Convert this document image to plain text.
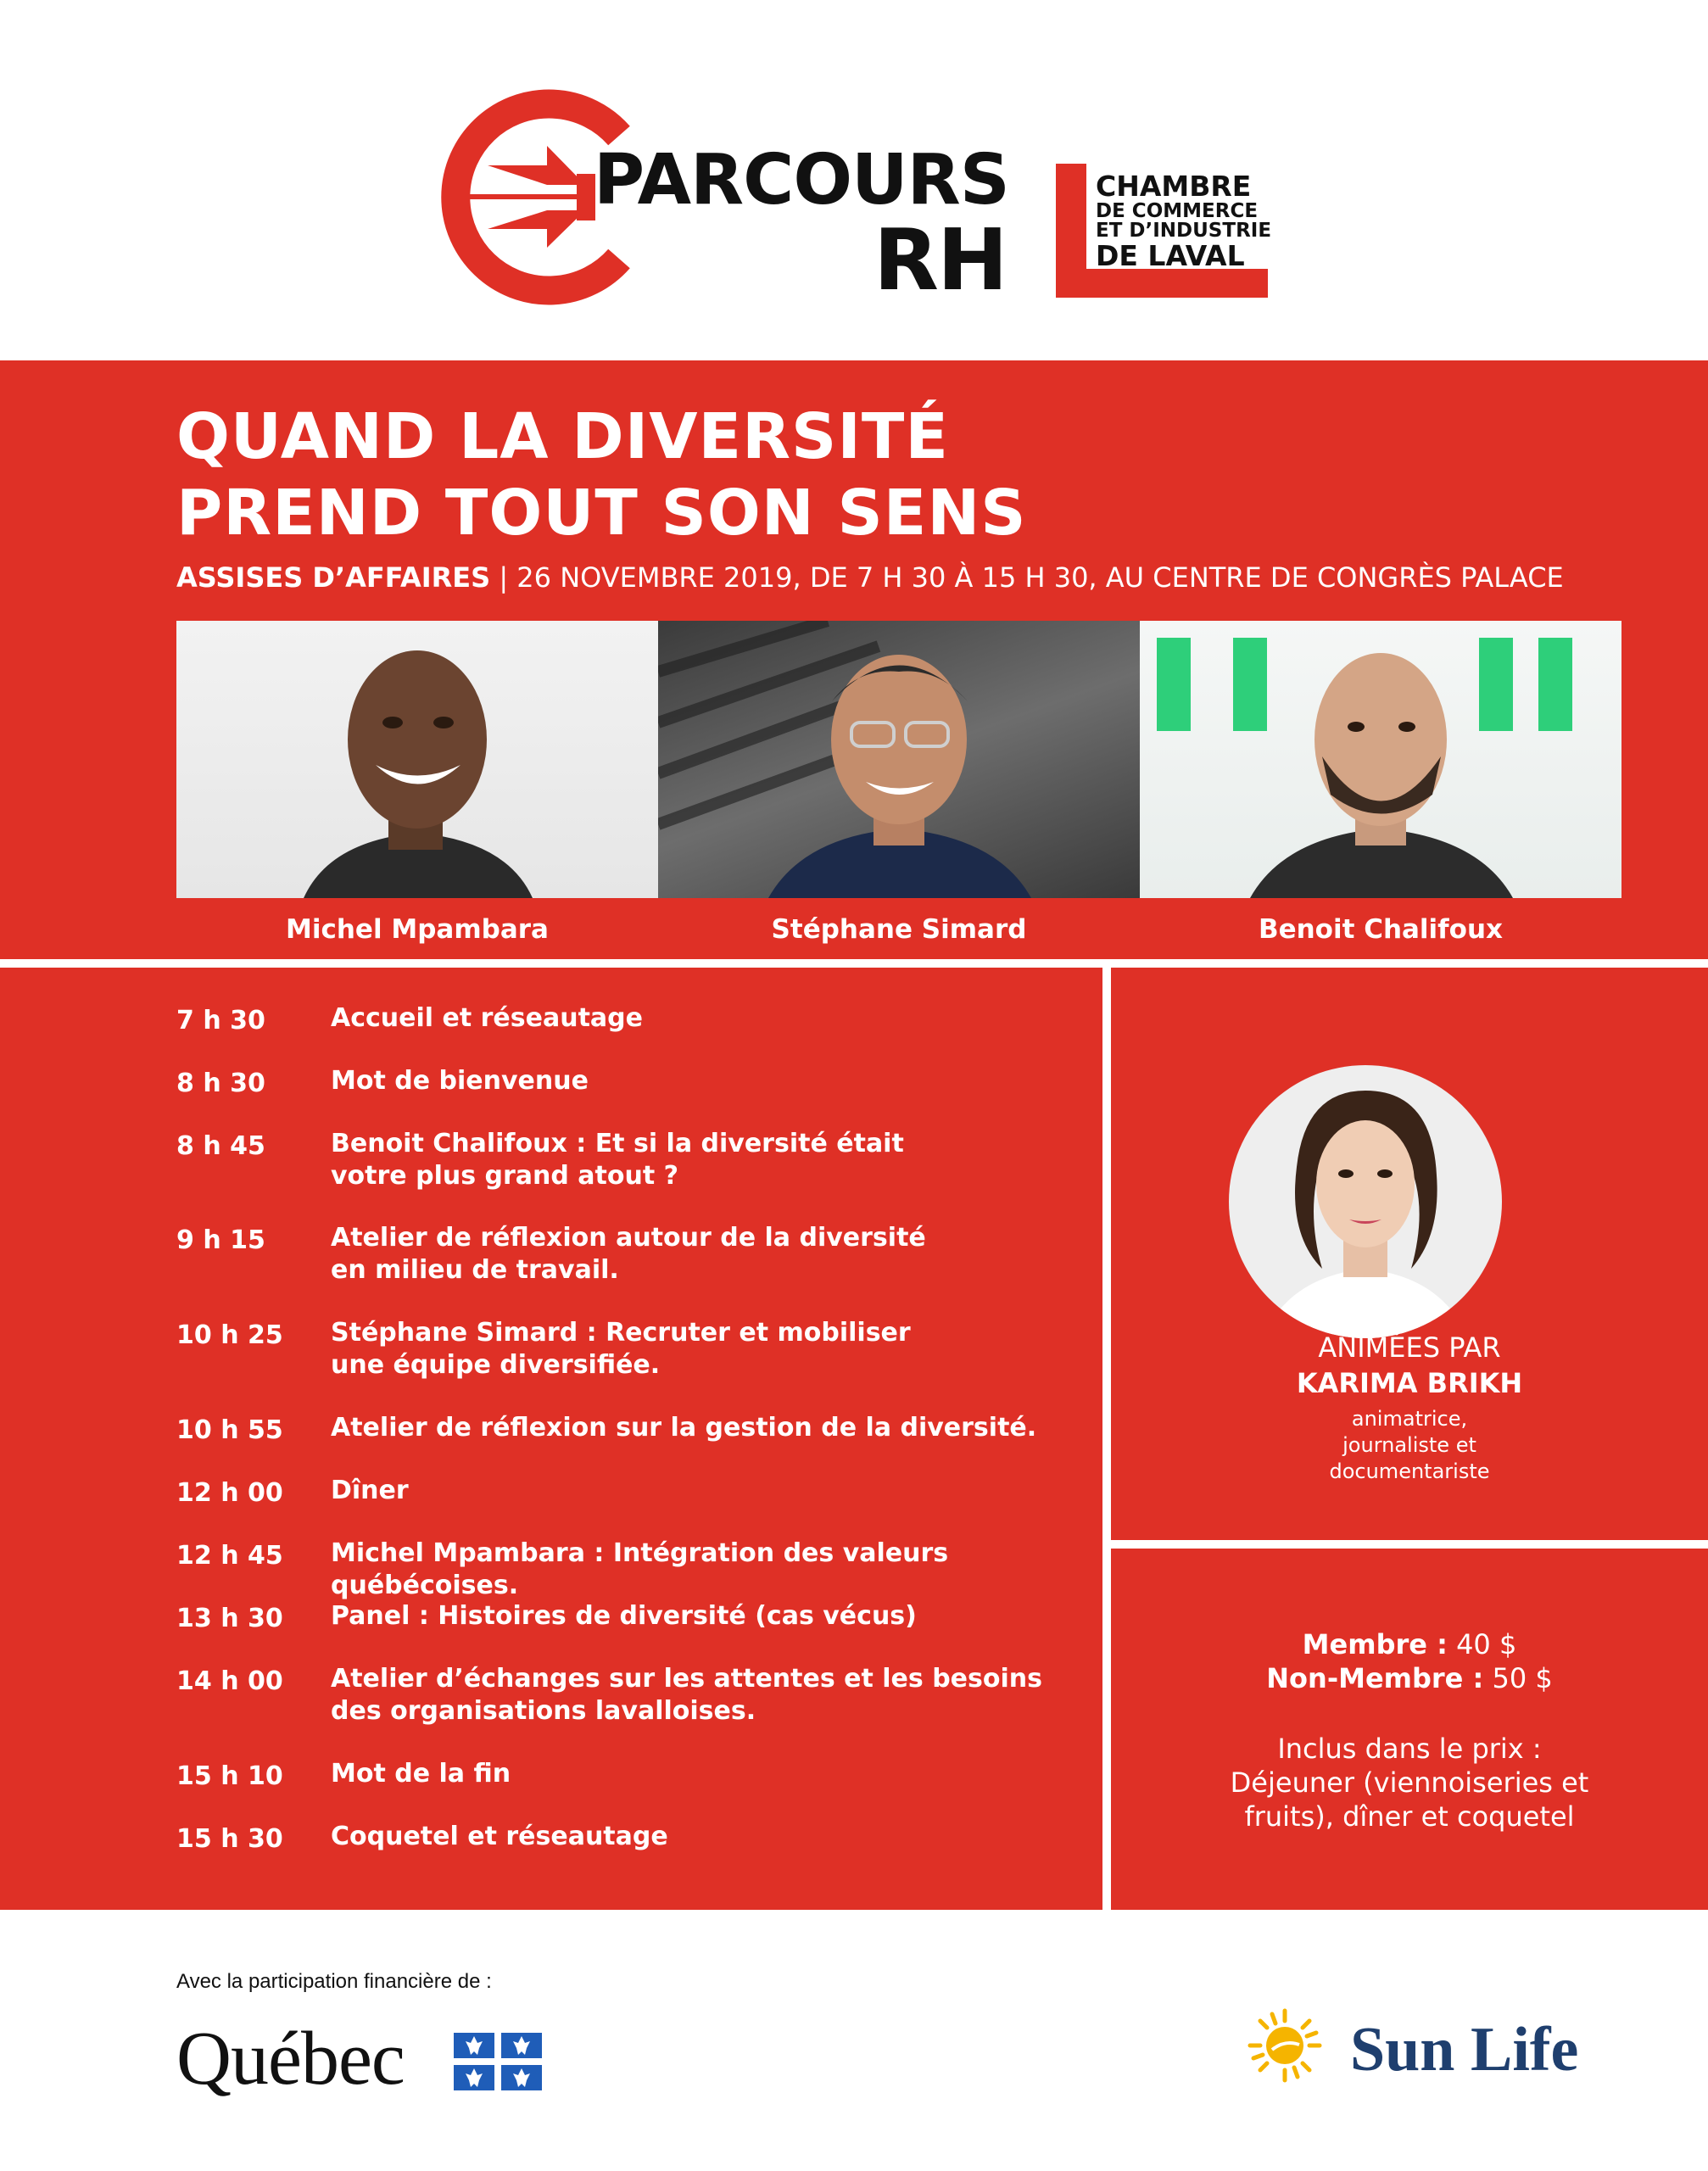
PARCOURS
RH
CHAMBRE
DE COMMERCE
ET D’INDUSTRIE
DE LAVAL
QUAND LA DIVERSITÉ
PREND TOUT SON SENS
ASSISES D’AFFAIRES | 26 NOVEMBRE 2019, DE 7 H 30 À 15 H 30, AU CENTRE DE CONGRÈS PALACE
Michel Mpambara	Stéphane Simard	Benoit Chalifoux
7 h 30	Accueil et réseautage
8 h 30	Mot de bienvenue
8 h 45	Benoit Chalifoux : Et si la diversité était
votre plus grand atout ?
9 h 15	Atelier de réflexion autour de la diversité
en milieu de travail.
10 h 25 Stéphane Simard : Recruter et mobiliser
une équipe diversifiée.
10 h 55 Atelier de réflexion sur la gestion de la diversité.
12 h 00 Dîner
12 h 45 Michel Mpambara : Intégration des valeurs québécoises.
13 h 30 Panel : Histoires de diversité (cas vécus)
14 h 00 Atelier d’échanges sur les attentes et les besoins
des organisations lavalloises.
15 h 10 Mot de la fin
15 h 30 Coquetel et réseautage
ANIMÉES PAR
KARIMA BRIKH
animatrice,
journaliste et
documentariste
Membre : 40 $
Non-Membre : 50 $
Inclus dans le prix :
Déjeuner (viennoiseries et
fruits), dîner et coquetel
Avec la participation financière de :
Québec	Sun Life
